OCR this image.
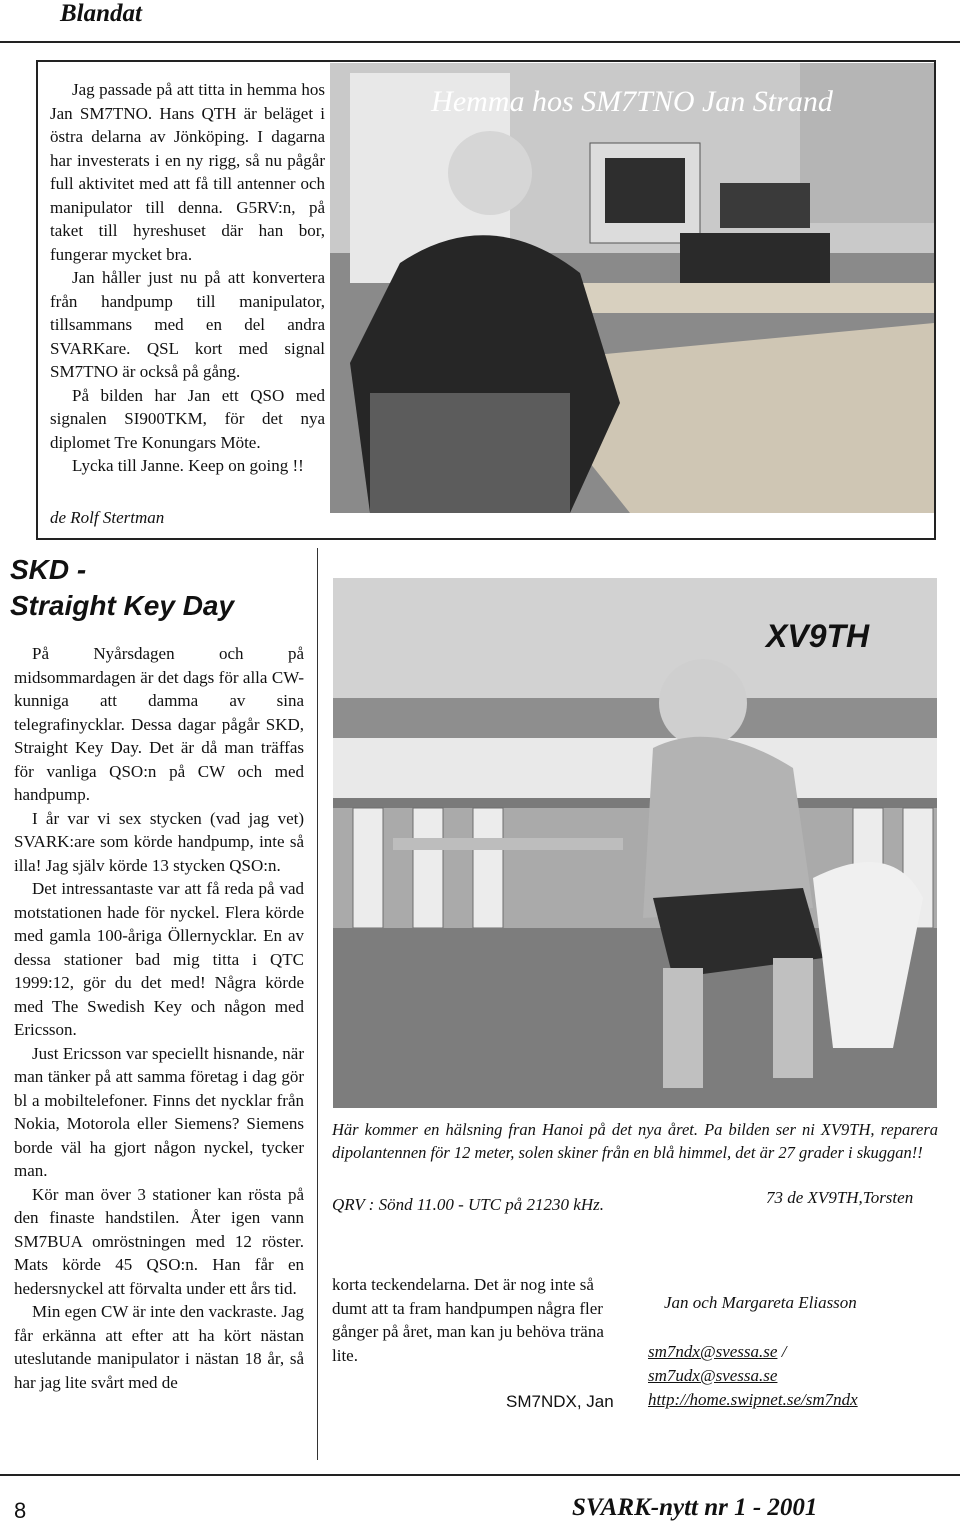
Blandat

Jag passade på att titta in hemma hos Jan SM7TNO. Hans QTH är beläget i östra delarna av Jönköping. I dagarna har investerats i en ny rigg, så nu pågår full aktivitet med att få till antenner och manipulator till denna. G5RV:n, på taket till hyreshuset där han bor, fungerar mycket bra.

Jan håller just nu på att konvertera från handpump till manipulator, tillsammans med en del andra SVARKare. QSL kort med signal SM7TNO är också på gång.

På bilden har Jan ett QSO med signalen SI900TKM, för det nya diplomet Tre Konungars Möte.

Lycka till Janne. Keep on going !!

de Rolf Stertman
Hemma hos SM7TNO Jan Strand
SKD -
Straight Key Day

På Nyårsdagen och på midsommardagen är det dags för alla CW-kunniga att damma av sina telegrafinycklar. Dessa dagar pågår SKD, Straight Key Day. Det är då man träffas för vanliga QSO:n på CW och med handpump.

I år var vi sex stycken (vad jag vet) SVARK:are som körde handpump, inte så illa! Jag själv körde 13 stycken QSO:n.

Det intressantaste var att få reda på vad motstationen hade för nyckel. Flera körde med gamla 100-åriga Öllernycklar. En av dessa stationer bad mig titta i QTC 1999:12, gör du det med! Några körde med The Swedish Key och någon med Ericsson.

Just Ericsson var speciellt hisnande, när man tänker på att samma företag i dag gör bl a mobiltelefoner. Finns det nycklar från Nokia, Motorola eller Siemens? Siemens borde väl ha gjort någon nyckel, tycker man.

Kör man över 3 stationer kan rösta på den finaste handstilen. Åter igen vann SM7BUA omröstningen med 12 röster. Mats körde 45 QSO:n. Han får en hedersnyckel att förvalta under ett års tid.

Min egen CW är inte den vackraste. Jag får erkänna att efter att ha kört nästan uteslutande manipulator i nästan 18 år, så har jag lite svårt med de

XV9TH
Här kommer en hälsning fran Hanoi på det nya året. Pa bilden ser ni XV9TH, reparera dipolantennen för 12 meter, solen skiner från en blå himmel, det är 27 grader i skuggan!!
QRV : Sönd 11.00 - UTC på 21230 kHz.	73 de XV9TH,Torsten
korta teckendelarna. Det är nog inte så dumt att ta fram handpumpen några fler gånger på året, man kan ju behöva träna lite.
SM7NDX, Jan
Jan och Margareta Eliasson
sm7ndx@svessa.se /
sm7udx@svessa.se
http://home.swipnet.se/sm7ndx
8	SVARK-nytt nr 1 - 2001
